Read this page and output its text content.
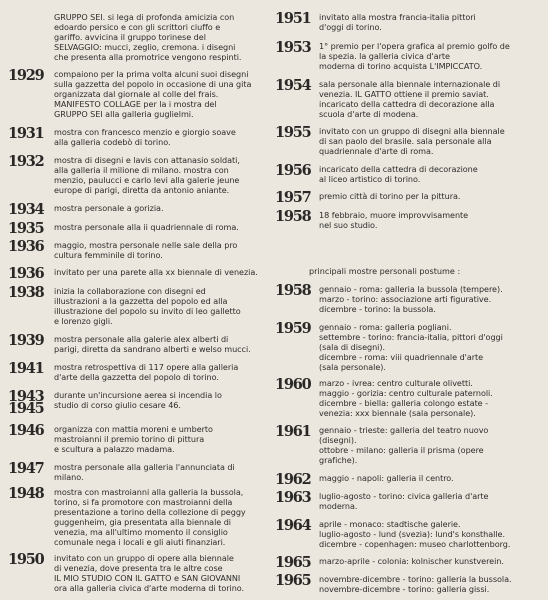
GRUPPO SEI. si lega di profonda amicizia con
edoardo persico e con gli scrittori ciuffo e
gariffo. avvicina il gruppo torinese del
SELVAGGIO: mucci, zeglio, cremona. i disegni
che presenta alla promotrice vengono respinti.
1929	compaiono per la prima volta alcuni suoi disegni
sulla gazzetta del popolo in occasione di una gita
organizzata dal giornale al colle del frais.
MANIFESTO COLLAGE per la i mostra del
GRUPPO SEI alla galleria guglielmi.
1931	mostra con francesco menzio e giorgio soave
alla galleria codebò di torino.
1932	mostra di disegni e lavis con attanasio soldati,
alla galleria il milione di milano. mostra con
menzio, paulucci e carlo levi alla galerie jeune
europe di parigi, diretta da antonio aniante.
1934	mostra personale a gorizia.
1935	mostra personale alla ii quadriennale di roma.
1936	maggio, mostra personale nelle sale della pro
cultura femminile di torino.
1936	invitato per una parete alla xx biennale di venezia.
1938	inizia la collaborazione con disegni ed
illustrazioni a la gazzetta del popolo ed alla
illustrazione del popolo su invito di leo galletto
e lorenzo gigli.
1939	mostra personale alla galerie alex alberti di
parigi, diretta da sandrano alberti e welso mucci.
1941	mostra retrospettiva di 117 opere alla galleria
d'arte della gazzetta del popolo di torino.
1943 1945
durante un'incursione aerea si incendia lo
studio di corso giulio cesare 46.
1946	organizza con mattia moreni e umberto
mastroianni il premio torino di pittura
e scultura a palazzo madama.
1947	mostra personale alla galleria l'annunciata di
milano.
1948	mostra con mastroianni alla galleria la bussola,
torino, si fa promotore con mastroianni della
presentazione a torino della collezione di peggy
guggenheim, gia presentata alla biennale di
venezia, ma all'ultimo momento il consiglio
comunale nega i locali e gli aiuti finanziari.
1950	invitato con un gruppo di opere alla biennale
di venezia, dove presenta tra le altre cose
IL MIO STUDIO CON IL GATTO e SAN GIOVANNI
ora alla galleria civica d'arte moderna di torino.
1951	invitato alla mostra francia-italia pittori
d'oggi di torino.
1953	1° premio per l'opera grafica al premio golfo de
la spezia. la galleria civica d'arte
moderna di torino acquista L'IMPICCATO.
1954	sala personale alla biennale internazionale di
venezia. IL GATTO ottiene il premio saviat.
incaricato della cattedra di decorazione alla
scuola d'arte di modena.
1955	invitato con un gruppo di disegni alla biennale
di san paolo del brasile. sala personale alla
quadriennale d'arte di roma.
1956	incaricato della cattedra di decorazione
al liceo artistico di torino.
1957	premio città di torino per la pittura.
1958	18 febbraio, muore improvvisamente
nel suo studio.
principali mostre personali postume :
1958	gennaio - roma: galleria la bussola (tempere).
marzo - torino: associazione arti figurative.
dicembre - torino: la bussola.
1959	gennaio - roma: galleria pogliani.
settembre - torino: francia-italia, pittori d'oggi
(sala di disegni).
dicembre - roma: viii quadriennale d'arte
(sala personale).
1960	marzo - ivrea: centro culturale olivetti.
maggio - gorizia: centro culturale paternoli.
dicembre - biella: galleria colongo estate -
venezia: xxx biennale (sala personale).
1961	gennaio - trieste: galleria del teatro nuovo
(disegni).
ottobre - milano: galleria il prisma (opere
grafiche).
1962	maggio - napoli: galleria il centro.
1963	luglio-agosto - torino: civica galleria d'arte
moderna.
1964	aprile - monaco: stadtische galerie.
luglio-agosto - lund (svezia): lund's konsthalle.
dicembre - copenhagen: museo charlottenborg.
1965	marzo-aprile - colonia: kolnischer kunstverein.
1965	novembre-dicembre - torino: galleria la bussola.
novembre-dicembre - torino: galleria gissi.
